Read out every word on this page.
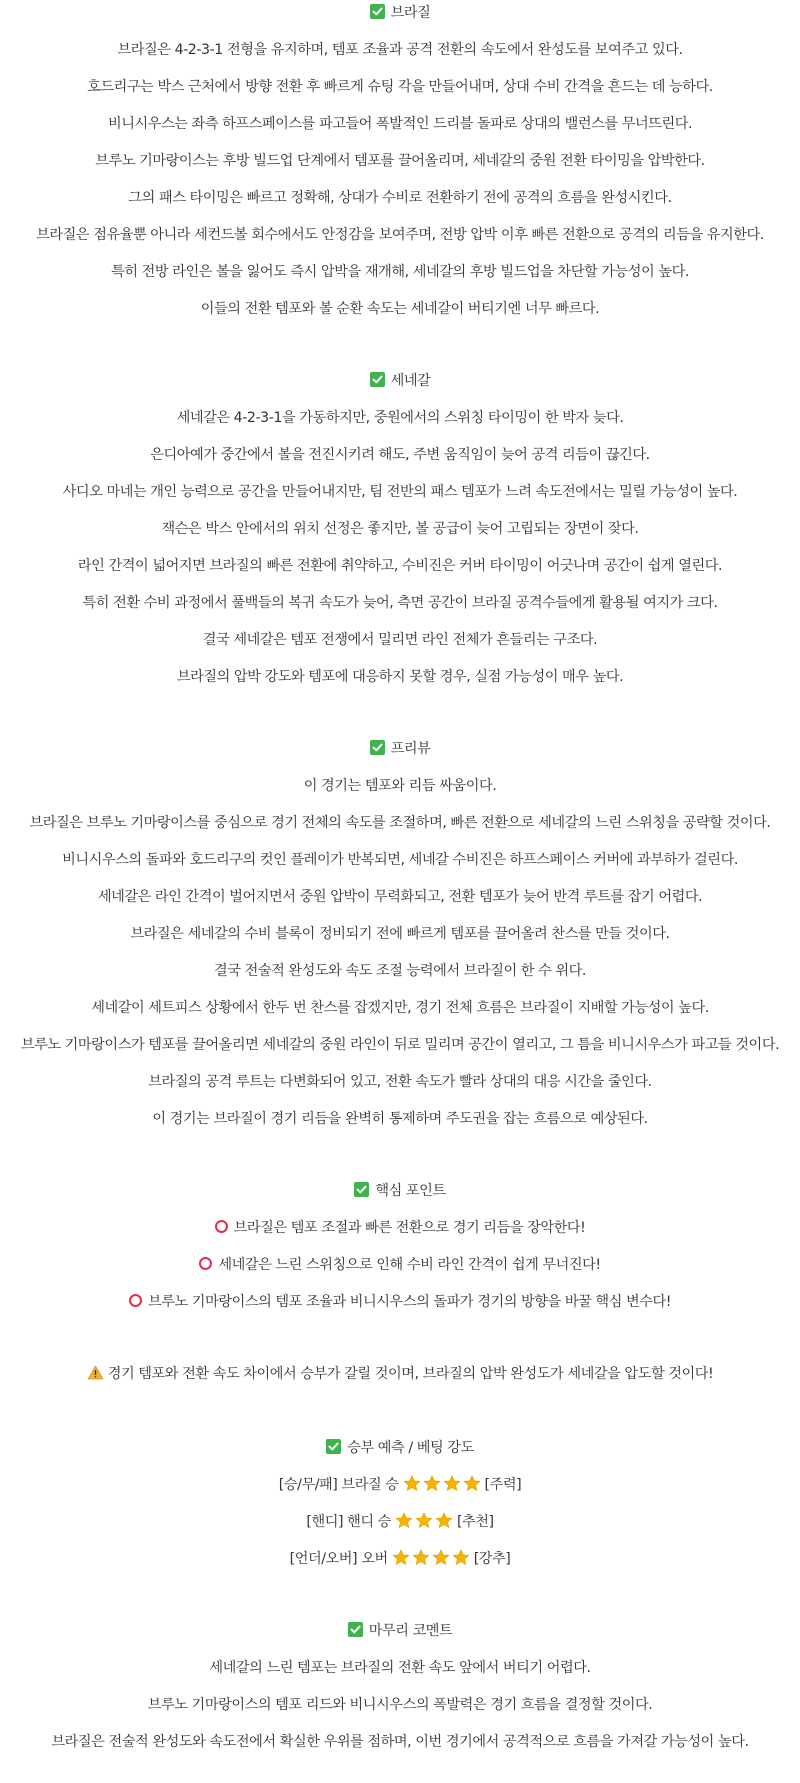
브라질
브라질은 4-2-3-1 전형을 유지하며, 템포 조율과 공격 전환의 속도에서 완성도를 보여주고 있다.
호드리구는 박스 근처에서 방향 전환 후 빠르게 슈팅 각을 만들어내며, 상대 수비 간격을 흔드는 데 능하다.
비니시우스는 좌측 하프스페이스를 파고들어 폭발적인 드리블 돌파로 상대의 밸런스를 무너뜨린다.
브루노 기마랑이스는 후방 빌드업 단계에서 템포를 끌어올리며, 세네갈의 중원 전환 타이밍을 압박한다.
그의 패스 타이밍은 빠르고 정확해, 상대가 수비로 전환하기 전에 공격의 흐름을 완성시킨다.
브라질은 점유율뿐 아니라 세컨드볼 회수에서도 안정감을 보여주며, 전방 압박 이후 빠른 전환으로 공격의 리듬을 유지한다.
특히 전방 라인은 볼을 잃어도 즉시 압박을 재개해, 세네갈의 후방 빌드업을 차단할 가능성이 높다.
이들의 전환 템포와 볼 순환 속도는 세네갈이 버티기엔 너무 빠르다.
세네갈
세네갈은 4-2-3-1을 가동하지만, 중원에서의 스위칭 타이밍이 한 박자 늦다.
은디아예가 중간에서 볼을 전진시키려 해도, 주변 움직임이 늦어 공격 리듬이 끊긴다.
사디오 마네는 개인 능력으로 공간을 만들어내지만, 팀 전반의 패스 템포가 느려 속도전에서는 밀릴 가능성이 높다.
잭슨은 박스 안에서의 위치 선정은 좋지만, 볼 공급이 늦어 고립되는 장면이 잦다.
라인 간격이 넓어지면 브라질의 빠른 전환에 취약하고, 수비진은 커버 타이밍이 어긋나며 공간이 쉽게 열린다.
특히 전환 수비 과정에서 풀백들의 복귀 속도가 늦어, 측면 공간이 브라질 공격수들에게 활용될 여지가 크다.
결국 세네갈은 템포 전쟁에서 밀리면 라인 전체가 흔들리는 구조다.
브라질의 압박 강도와 템포에 대응하지 못할 경우, 실점 가능성이 매우 높다.
프리뷰
이 경기는 템포와 리듬 싸움이다.
브라질은 브루노 기마랑이스를 중심으로 경기 전체의 속도를 조절하며, 빠른 전환으로 세네갈의 느린 스위칭을 공략할 것이다.
비니시우스의 돌파와 호드리구의 컷인 플레이가 반복되면, 세네갈 수비진은 하프스페이스 커버에 과부하가 걸린다.
세네갈은 라인 간격이 벌어지면서 중원 압박이 무력화되고, 전환 템포가 늦어 반격 루트를 잡기 어렵다.
브라질은 세네갈의 수비 블록이 정비되기 전에 빠르게 템포를 끌어올려 찬스를 만들 것이다.
결국 전술적 완성도와 속도 조절 능력에서 브라질이 한 수 위다.
세네갈이 세트피스 상황에서 한두 번 찬스를 잡겠지만, 경기 전체 흐름은 브라질이 지배할 가능성이 높다.
브루노 기마랑이스가 템포를 끌어올리면 세네갈의 중원 라인이 뒤로 밀리며 공간이 열리고, 그 틈을 비니시우스가 파고들 것이다.
브라질의 공격 루트는 다변화되어 있고, 전환 속도가 빨라 상대의 대응 시간을 줄인다.
이 경기는 브라질이 경기 리듬을 완벽히 통제하며 주도권을 잡는 흐름으로 예상된다.
핵심 포인트
브라질은 템포 조절과 빠른 전환으로 경기 리듬을 장악한다!
세네갈은 느린 스위칭으로 인해 수비 라인 간격이 쉽게 무너진다!
브루노 기마랑이스의 템포 조율과 비니시우스의 돌파가 경기의 방향을 바꿀 핵심 변수다!
경기 템포와 전환 속도 차이에서 승부가 갈릴 것이며, 브라질의 압박 완성도가 세네갈을 압도할 것이다!
승부 예측 / 베팅 강도
[승/무/패] 브라질 승	[주력]
[핸디] 핸디 승	[추천]
[언더/오버] 오버	[강추]
마무리 코멘트
세네갈의 느린 템포는 브라질의 전환 속도 앞에서 버티기 어렵다.
브루노 기마랑이스의 템포 리드와 비니시우스의 폭발력은 경기 흐름을 결정할 것이다.
브라질은 전술적 완성도와 속도전에서 확실한 우위를 점하며, 이번 경기에서 공격적으로 흐름을 가져갈 가능성이 높다.
